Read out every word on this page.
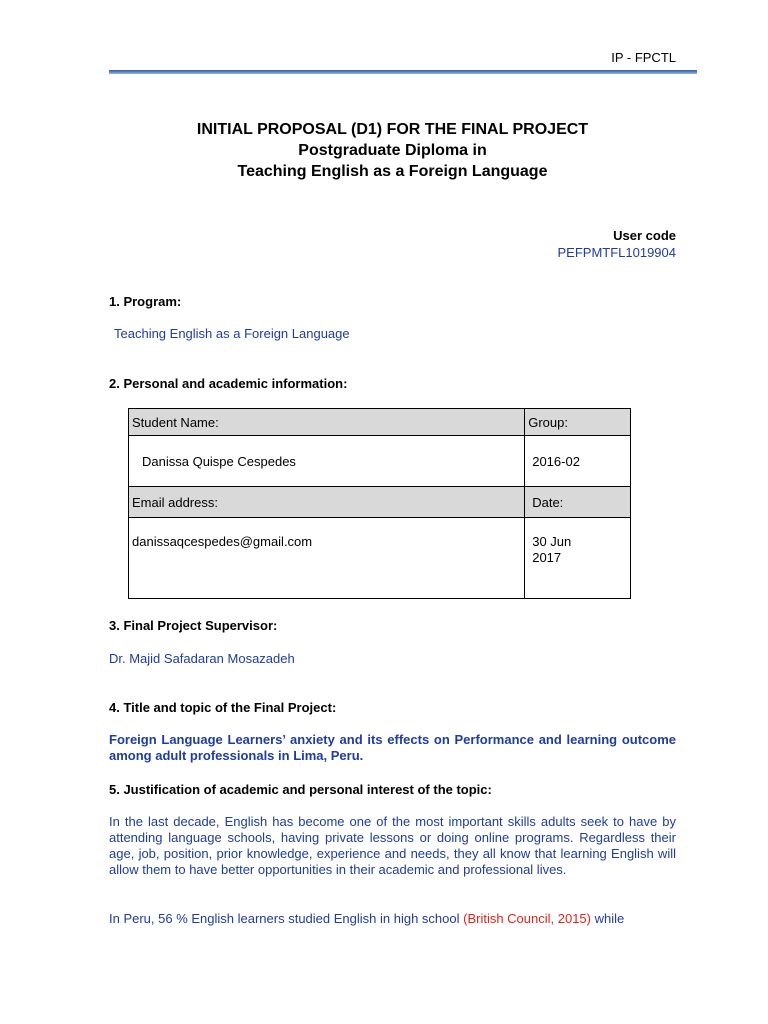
IP - FPCTL
INITIAL PROPOSAL (D1) FOR THE FINAL PROJECT
Postgraduate Diploma in
Teaching English as a Foreign Language
User code
PEFPMTFL1019904
1. Program:
Teaching English as a Foreign Language
2. Personal and academic information:
Student Name:	Group:
Danissa Quispe Cespedes	2016-02
Email address:	Date:
danissaqcespedes@gmail.com	30 Jun
2017
3. Final Project Supervisor:
Dr. Majid Safadaran Mosazadeh
4. Title and topic of the Final Project:
Foreign Language Learners’ anxiety and its effects on Performance and learning outcome among adult professionals in Lima, Peru.
5. Justification of academic and personal interest of the topic:
In the last decade, English has become one of the most important skills adults seek to have by attending language schools, having private lessons or doing online programs. Regardless their age, job, position, prior knowledge, experience and needs, they all know that learning English will allow them to have better opportunities in their academic and professional lives.
In Peru, 56 % English learners studied English in high school (British Council, 2015) while
